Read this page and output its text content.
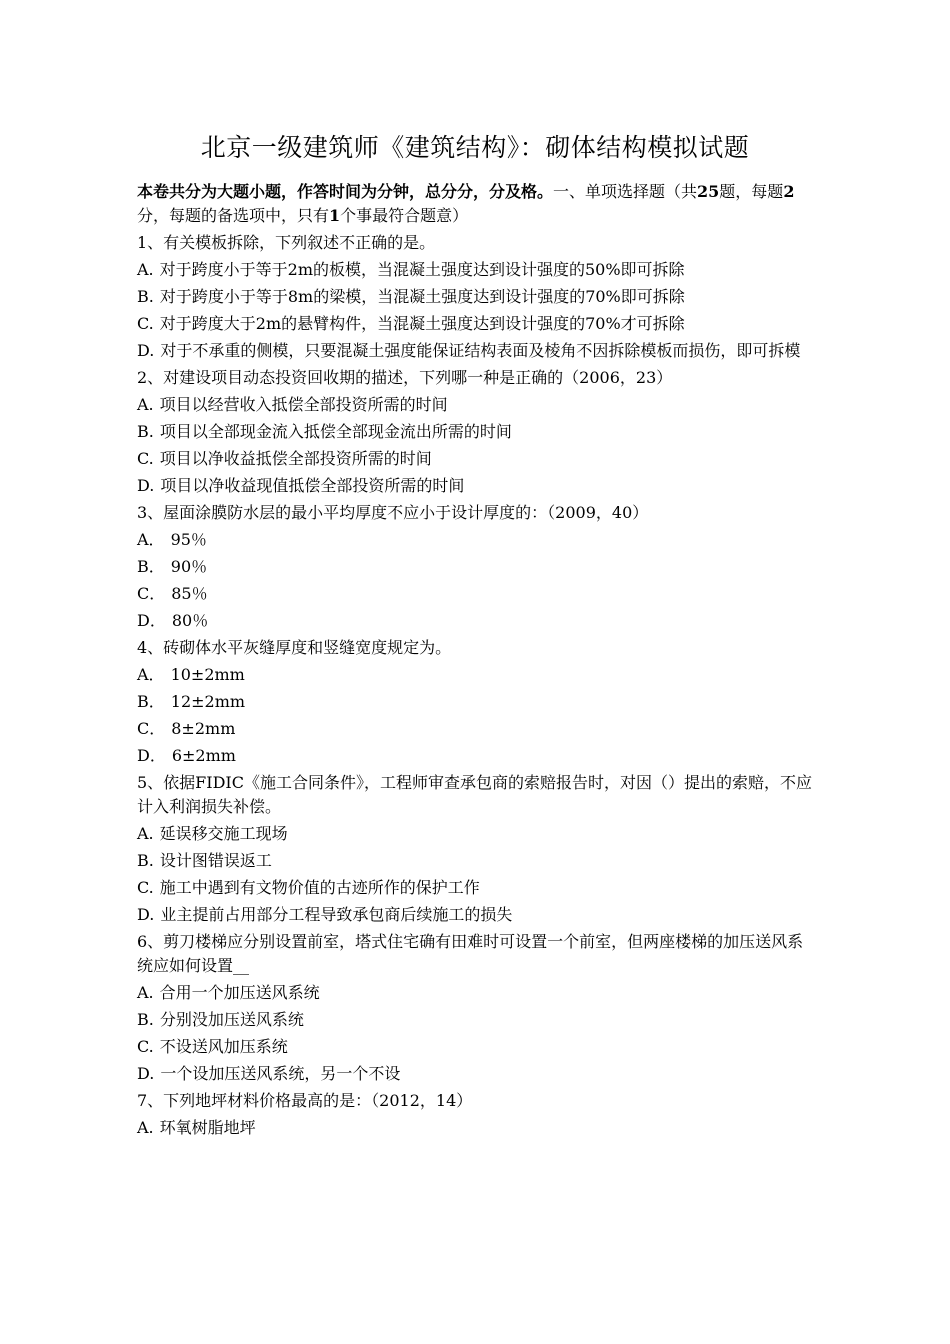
北京一级建筑师《建筑结构》：砌体结构模拟试题
本卷共分为大题小题，作答时间为分钟，总分分，分及格。一、单项选择题（共25题，每题2分，每题的备选项中，只有1个事最符合题意）
1、有关模板拆除，下列叙述不正确的是。
A. 对于跨度小于等于2m的板模，当混凝土强度达到设计强度的50%即可拆除
B. 对于跨度小于等于8m的梁模，当混凝土强度达到设计强度的70%即可拆除
C. 对于跨度大于2m的悬臂构件，当混凝土强度达到设计强度的70%才可拆除
D. 对于不承重的侧模，只要混凝土强度能保证结构表面及棱角不因拆除模板而损伤，即可拆模
2、对建设项目动态投资回收期的描述，下列哪一种是正确的（2006，23）
A. 项目以经营收入抵偿全部投资所需的时间
B. 项目以全部现金流入抵偿全部现金流出所需的时间
C. 项目以净收益抵偿全部投资所需的时间
D. 项目以净收益现值抵偿全部投资所需的时间
3、屋面涂膜防水层的最小平均厚度不应小于设计厚度的：（2009，40）
A． 95％
B． 90％
C． 85％
D． 80％
4、砖砌体水平灰缝厚度和竖缝宽度规定为。
A． 10±2mm
B． 12±2mm
C． 8±2mm
D． 6±2mm
5、依据FIDIC《施工合同条件》，工程师审查承包商的索赔报告时，对因（）提出的索赔，不应计入利润损失补偿。
A. 延误移交施工现场
B. 设计图错误返工
C. 施工中遇到有文物价值的古迹所作的保护工作
D. 业主提前占用部分工程导致承包商后续施工的损失
6、剪刀楼梯应分别设置前室，塔式住宅确有田难时可设置一个前室，但两座楼梯的加压送风系统应如何设置__
A. 合用一个加压送风系统
B. 分别没加压送风系统
C. 不设送风加压系统
D. 一个设加压送风系统，另一个不设
7、下列地坪材料价格最高的是：（2012，14）
A. 环氧树脂地坪
